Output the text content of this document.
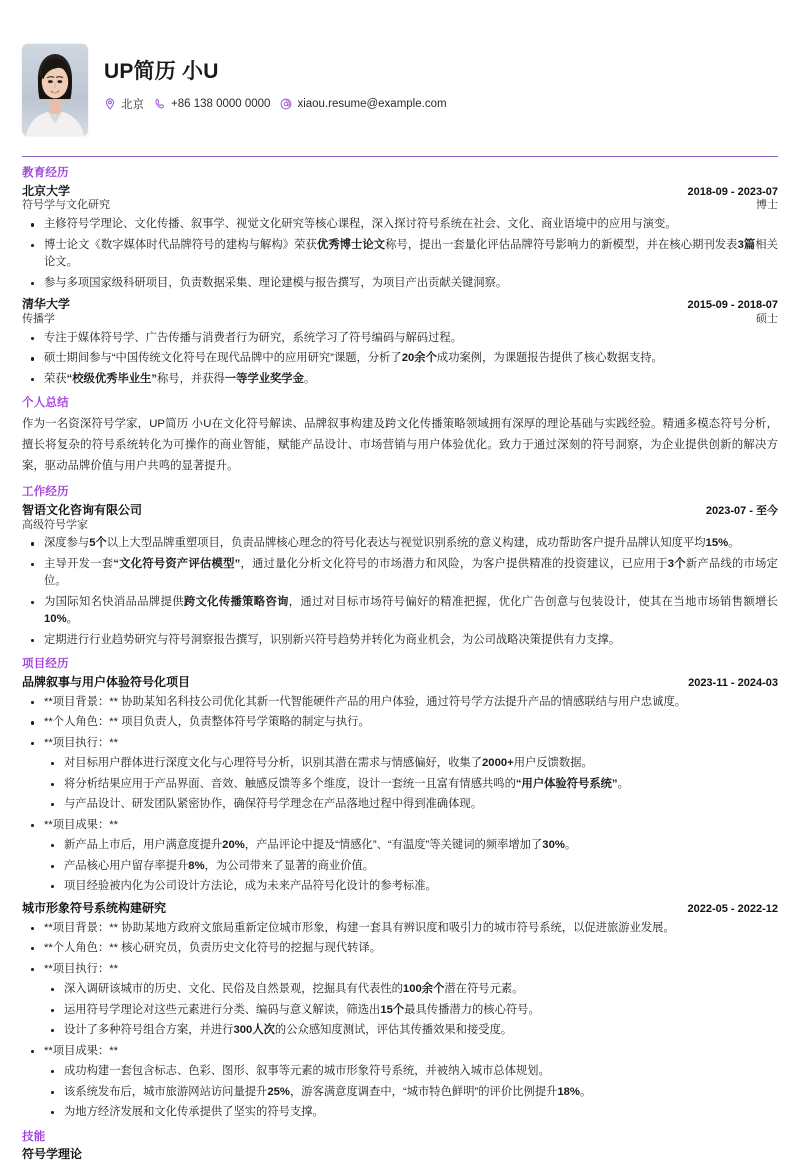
UP简历 小U
北京 +86 138 0000 0000 xiaou.resume@example.com
教育经历
北京大学	2018-09 - 2023-07
符号学与文化研究	博士
主修符号学理论、文化传播、叙事学、视觉文化研究等核心课程，深入探讨符号系统在社会、文化、商业语境中的应用与演变。
博士论文《数字媒体时代品牌符号的建构与解构》荣获优秀博士论文称号，提出一套量化评估品牌符号影响力的新模型，并在核心期刊发表3篇相关论文。
参与多项国家级科研项目，负责数据采集、理论建模与报告撰写，为项目产出贡献关键洞察。
清华大学	2015-09 - 2018-07
传播学	硕士
专注于媒体符号学、广告传播与消费者行为研究，系统学习了符号编码与解码过程。
硕士期间参与“中国传统文化符号在现代品牌中的应用研究”课题，分析了20余个成功案例，为课题报告提供了核心数据支持。
荣获“校级优秀毕业生”称号，并获得一等学业奖学金。
个人总结
作为一名资深符号学家，UP简历 小U在文化符号解读、品牌叙事构建及跨文化传播策略领域拥有深厚的理论基础与实践经验。精通多模态符号分析，擅长将复杂的符号系统转化为可操作的商业智能，赋能产品设计、市场营销与用户体验优化。致力于通过深刻的符号洞察，为企业提供创新的解决方案，驱动品牌价值与用户共鸣的显著提升。
工作经历
智语文化咨询有限公司	2023-07 - 至今
高级符号学家
深度参与5个以上大型品牌重塑项目，负责品牌核心理念的符号化表达与视觉识别系统的意义构建，成功帮助客户提升品牌认知度平均15%。
主导开发一套“文化符号资产评估模型”，通过量化分析文化符号的市场潜力和风险，为客户提供精准的投资建议，已应用于3个新产品线的市场定位。
为国际知名快消品品牌提供跨文化传播策略咨询，通过对目标市场符号偏好的精准把握，优化广告创意与包装设计，使其在当地市场销售额增长10%。
定期进行行业趋势研究与符号洞察报告撰写，识别新兴符号趋势并转化为商业机会，为公司战略决策提供有力支撑。
项目经历
品牌叙事与用户体验符号化项目	2023-11 - 2024-03
**项目背景：** 协助某知名科技公司优化其新一代智能硬件产品的用户体验，通过符号学方法提升产品的情感联结与用户忠诚度。
**个人角色：** 项目负责人，负责整体符号学策略的制定与执行。
**项目执行：**
对目标用户群体进行深度文化与心理符号分析，识别其潜在需求与情感偏好，收集了2000+用户反馈数据。
将分析结果应用于产品界面、音效、触感反馈等多个维度，设计一套统一且富有情感共鸣的“用户体验符号系统”。
与产品设计、研发团队紧密协作，确保符号学理念在产品落地过程中得到准确体现。
**项目成果：**
新产品上市后，用户满意度提升20%，产品评论中提及“情感化”、“有温度”等关键词的频率增加了30%。
产品核心用户留存率提升8%，为公司带来了显著的商业价值。
项目经验被内化为公司设计方法论，成为未来产品符号化设计的参考标准。
城市形象符号系统构建研究	2022-05 - 2022-12
**项目背景：** 协助某地方政府文旅局重新定位城市形象，构建一套具有辨识度和吸引力的城市符号系统，以促进旅游业发展。
**个人角色：** 核心研究员，负责历史文化符号的挖掘与现代转译。
**项目执行：**
深入调研该城市的历史、文化、民俗及自然景观，挖掘具有代表性的100余个潜在符号元素。
运用符号学理论对这些元素进行分类、编码与意义解读，筛选出15个最具传播潜力的核心符号。
设计了多种符号组合方案，并进行300人次的公众感知度测试，评估其传播效果和接受度。
**项目成果：**
成功构建一套包含标志、色彩、图形、叙事等元素的城市形象符号系统，并被纳入城市总体规划。
该系统发布后，城市旅游网站访问量提升25%，游客满意度调查中，“城市特色鲜明”的评价比例提升18%。
为地方经济发展和文化传承提供了坚实的符号支撑。
技能
符号学理论
